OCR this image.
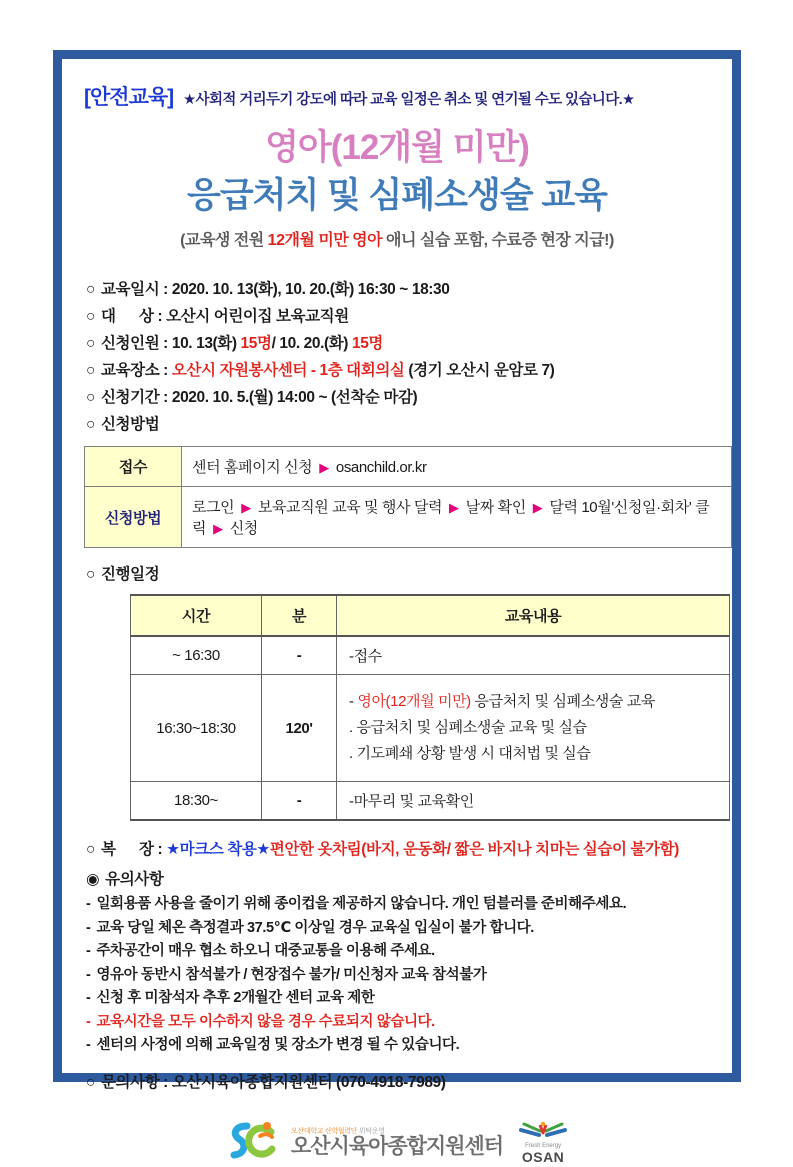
[안전교육] ★사회적 거리두기 강도에 따라 교육 일정은 취소 및 연기될 수도 있습니다.★
영아(12개월 미만)
응급처치 및 심폐소생술 교육
(교육생 전원 12개월 미만 영아 애니 실습 포함, 수료증 현장 지급!)
○ 교육일시 : 2020. 10. 13(화), 10. 20.(화) 16:30 ~ 18:30
○ 대      상 : 오산시 어린이집 보육교직원
○ 신청인원 : 10. 13(화) 15명/ 10. 20.(화) 15명
○ 교육장소 : 오산시 자원봉사센터 - 1층 대회의실 (경기 오산시 운암로 7)
○ 신청기간 : 2020. 10. 5.(월) 14:00 ~ (선착순 마감)
○ 신청방법
접수	센터 홈페이지 신청 ▶ osanchild.or.kr
신청방법	로그인 ▶ 보육교직원 교육 및 행사 달력 ▶ 날짜 확인 ▶ 달력 10월'신청일·회차' 클릭 ▶ 신청
○ 진행일정
시간	분	교육내용
~ 16:30	-	-접수
16:30~18:30	120'	- 영아(12개월 미만) 응급처치 및 심폐소생술 교육
. 응급처치 및 심폐소생술 교육 및 실습
. 기도폐쇄 상황 발생 시 대처법 및 실습

18:30~	-	-마무리 및 교육확인
○ 복      장 : ★마크스 착용★편안한 옷차림(바지, 운동화/ 짧은 바지나 치마는 실습이 불가함)
◉ 유의사항
- 일회용품 사용을 줄이기 위해 종이컵을 제공하지 않습니다. 개인 텀블러를 준비해주세요.
- 교육 당일 체온 측정결과 37.5℃ 이상일 경우 교육실 입실이 불가 합니다.
- 주차공간이 매우 협소 하오니 대중교통을 이용해 주세요.
- 영유아 동반시 참석불가 / 현장접수 불가/ 미신청자 교육 참석불가
- 신청 후 미참석자 추후 2개월간 센터 교육 제한
- 교육시간을 모두 이수하지 않을 경우 수료되지 않습니다.
- 센터의 사정에 의해 교육일정 및 장소가 변경 될 수 있습니다.
○ 문의사항 : 오산시육아종합지원센터 (070-4918-7989)
오산대학교 산학협력단 위탁운영
오산시육아종합지원센터	Fresh Energy
OSAN
